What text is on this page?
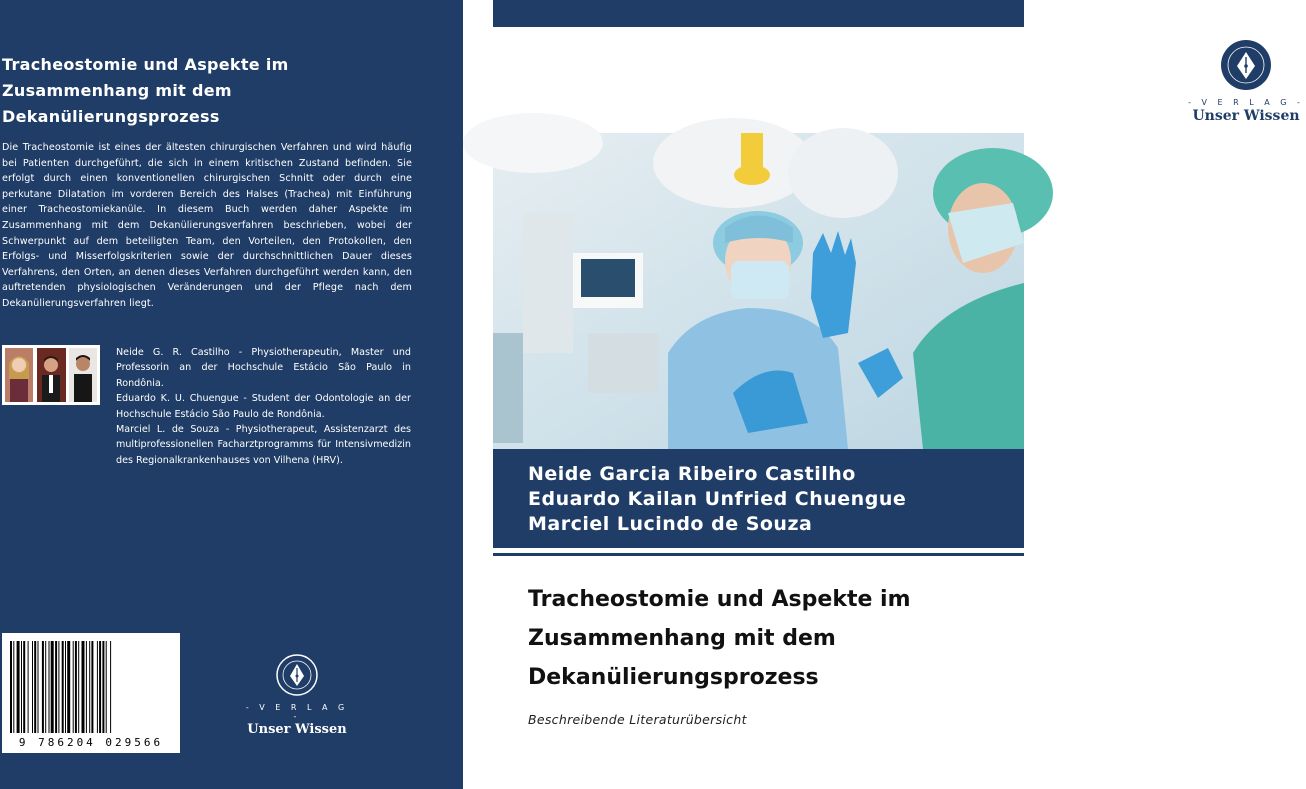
Tracheostomie und Aspekte im Zusammenhang mit dem Dekanülierungsprozess
Die Tracheostomie ist eines der ältesten chirurgischen Verfahren und wird häufig bei Patienten durchgeführt, die sich in einem kritischen Zustand befinden. Sie erfolgt durch einen konventionellen chirurgischen Schnitt oder durch eine perkutane Dilatation im vorderen Bereich des Halses (Trachea) mit Einführung einer Tracheostomiekanüle. In diesem Buch werden daher Aspekte im Zusammenhang mit dem Dekanülierungsverfahren beschrieben, wobei der Schwerpunkt auf dem beteiligten Team, den Vorteilen, den Protokollen, den Erfolgs- und Misserfolgskriterien sowie der durchschnittlichen Dauer dieses Verfahrens, den Orten, an denen dieses Verfahren durchgeführt werden kann, den auftretenden physiologischen Veränderungen und der Pflege nach dem Dekanülierungsverfahren liegt.

Neide G. R. Castilho - Physiotherapeutin, Master und Professorin an der Hochschule Estácio São Paulo in Rondônia.

Eduardo K. U. Chuengue - Student der Odontologie an der Hochschule Estácio São Paulo de Rondônia.

Marciel L. de Souza - Physiotherapeut, Assistenzarzt des multiprofessionellen Facharztprogramms für Intensivmedizin des Regionalkrankenhauses von Vilhena (HRV).

9 786204 029566
- V E R L A G -
Unser Wissen
- V E R L A G -
Unser Wissen
Neide Garcia Ribeiro Castilho
Eduardo Kailan Unfried Chuengue
Marciel Lucindo de Souza
Tracheostomie und Aspekte im
Zusammenhang mit dem
Dekanülierungsprozess
Beschreibende Literaturübersicht
